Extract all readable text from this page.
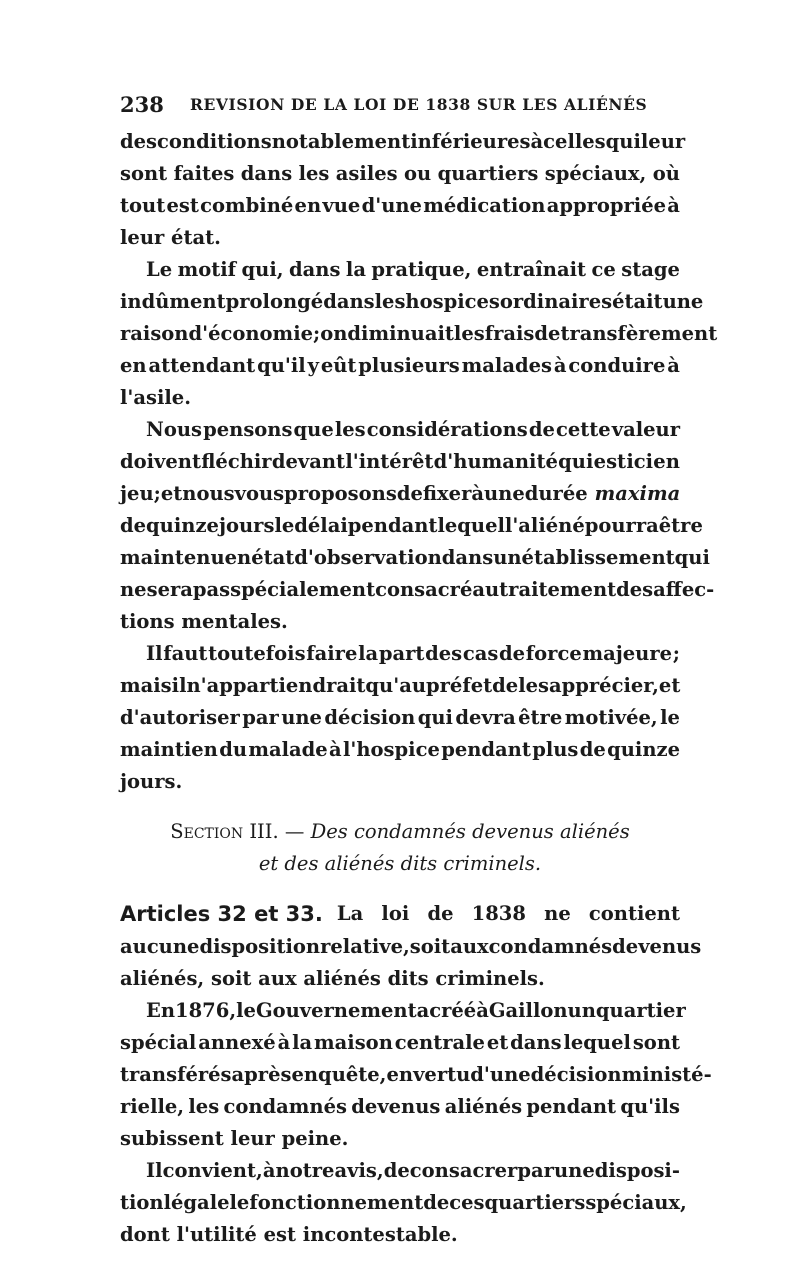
238 REVISION DE LA LOI DE 1838 SUR LES ALIÉNÉS
des conditions notablement inférieures à celles qui leur
sont faites dans les asiles ou quartiers spéciaux, où
tout est combiné en vue d'une médication appropriée à
leur état.
Le motif qui, dans la pratique, entraînait ce stage
indûment prolongé dans les hospices ordinaires était une
raison d'économie ; on diminuait les frais de transfèrement
en attendant qu'il y eût plusieurs malades à conduire à
l'asile.
Nous pensons que les considérations de cette valeur
doivent fléchir devant l'intérêt d'humanité qui est ici en
jeu ; et nous vous proposons de fixer à une durée maxima
de quinze jours le délai pendant lequel l'aliéné pourra être
maintenu en état d'observation dans un établissement qui
ne sera pas spécialement consacré au traitement des affec-
tions mentales.
Il faut toutefois faire la part des cas de force majeure ;
mais il n'appartiendrait qu'au préfet de les apprécier, et
d'autoriser par une décision qui devra être motivée, le
maintien du malade à l'hospice pendant plus de quinze
jours.
Section III. — Des condamnés devenus aliénés
et des aliénés dits criminels.
Articles 32 et 33. La loi de 1838 ne contient
aucune disposition relative, soit aux condamnés devenus
aliénés, soit aux aliénés dits criminels.
En 1876, le Gouvernement a créé à Gaillon un quartier
spécial annexé à la maison centrale et dans lequel sont
transférés après enquête, en vertu d'une décision ministé-
rielle, les condamnés devenus aliénés pendant qu'ils
subissent leur peine.
Il convient, à notre avis, de consacrer par une disposi-
tion légale le fonctionnement de ces quartiers spéciaux,
dont l'utilité est incontestable.
